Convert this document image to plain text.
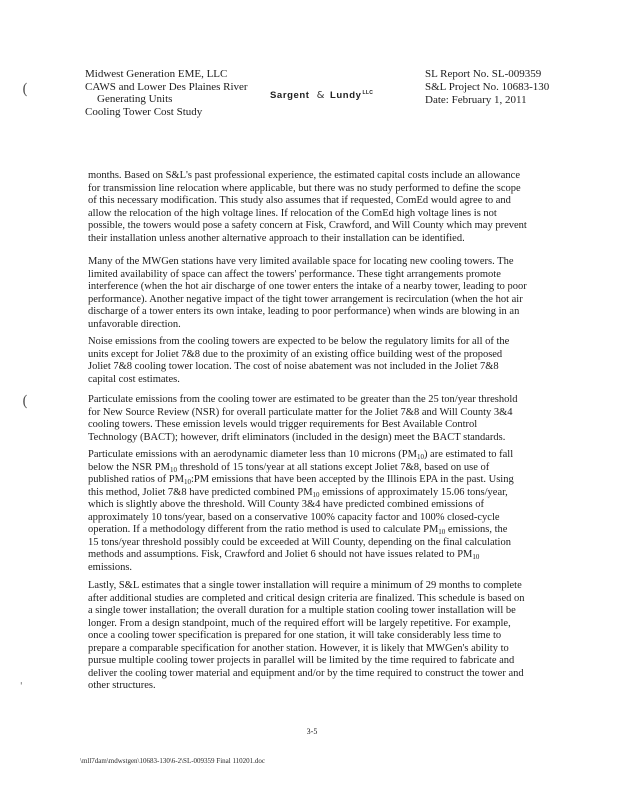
(
(
'
Midwest Generation EME, LLC
CAWS and Lower Des Plaines River
Generating Units
Cooling Tower Cost Study
Sargent & Lundy$^{LLC}$
SL Report No. SL-009359
S&L Project No. 10683-130
Date: February 1, 2011
months. Based on S&L's past professional experience, the estimated capital costs include an allowance
for transmission line relocation where applicable, but there was no study performed to define the scope
of this necessary modification. This study also assumes that if requested, ComEd would agree to and
allow the relocation of the high voltage lines. If relocation of the ComEd high voltage lines is not
possible, the towers would pose a safety concern at Fisk, Crawford, and Will County which may prevent
their installation unless another alternative approach to their installation can be identified.
Many of the MWGen stations have very limited available space for locating new cooling towers. The
limited availability of space can affect the towers' performance. These tight arrangements promote
interference (when the hot air discharge of one tower enters the intake of a nearby tower, leading to poor
performance). Another negative impact of the tight tower arrangement is recirculation (when the hot air
discharge of a tower enters its own intake, leading to poor performance) when winds are blowing in an
unfavorable direction.
Noise emissions from the cooling towers are expected to be below the regulatory limits for all of the
units except for Joliet 7&8 due to the proximity of an existing office building west of the proposed
Joliet 7&8 cooling tower location. The cost of noise abatement was not included in the Joliet 7&8
capital cost estimates.
Particulate emissions from the cooling tower are estimated to be greater than the 25 ton/year threshold
for New Source Review (NSR) for overall particulate matter for the Joliet 7&8 and Will County 3&4
cooling towers. These emission levels would trigger requirements for Best Available Control
Technology (BACT); however, drift eliminators (included in the design) meet the BACT standards.
Particulate emissions with an aerodynamic diameter less than 10 microns $(PM_{10})$ are estimated to fall
below the NSR $PM_{10}$ threshold of 15 tons/year at all stations except Joliet 7&8, based on use of
published ratios of $PM_{10}:PM$ emissions that have been accepted by the Illinois EPA in the past. Using
this method, Joliet 7&8 have predicted combined $PM_{10}$ emissions of approximately 15.06 tons/year,
which is slightly above the threshold. Will County 3&4 have predicted combined emissions of
approximately 10 tons/year, based on a conservative 100% capacity factor and 100% closed-cycle
operation. If a methodology different from the ratio method is used to calculate $PM_{10}$ emissions, the
15 tons/year threshold possibly could be exceeded at Will County, depending on the final calculation
methods and assumptions. Fisk, Crawford and Joliet 6 should not have issues related to $PM_{10}$
emissions.
Lastly, S&L estimates that a single tower installation will require a minimum of 29 months to complete
after additional studies are completed and critical design criteria are finalized. This schedule is based on
a single tower installation; the overall duration for a multiple station cooling tower installation will be
longer. From a design standpoint, much of the required effort will be largely repetitive. For example,
once a cooling tower specification is prepared for one station, it will take considerably less time to
prepare a comparable specification for another station. However, it is likely that MWGen's ability to
pursue multiple cooling tower projects in parallel will be limited by the time required to fabricate and
deliver the cooling tower material and equipment and/or by the time required to construct the tower and
other structures.
3-5
\mll7dam\mdwstgen\10683-130\6-2\SL-009359 Final 110201.doc
